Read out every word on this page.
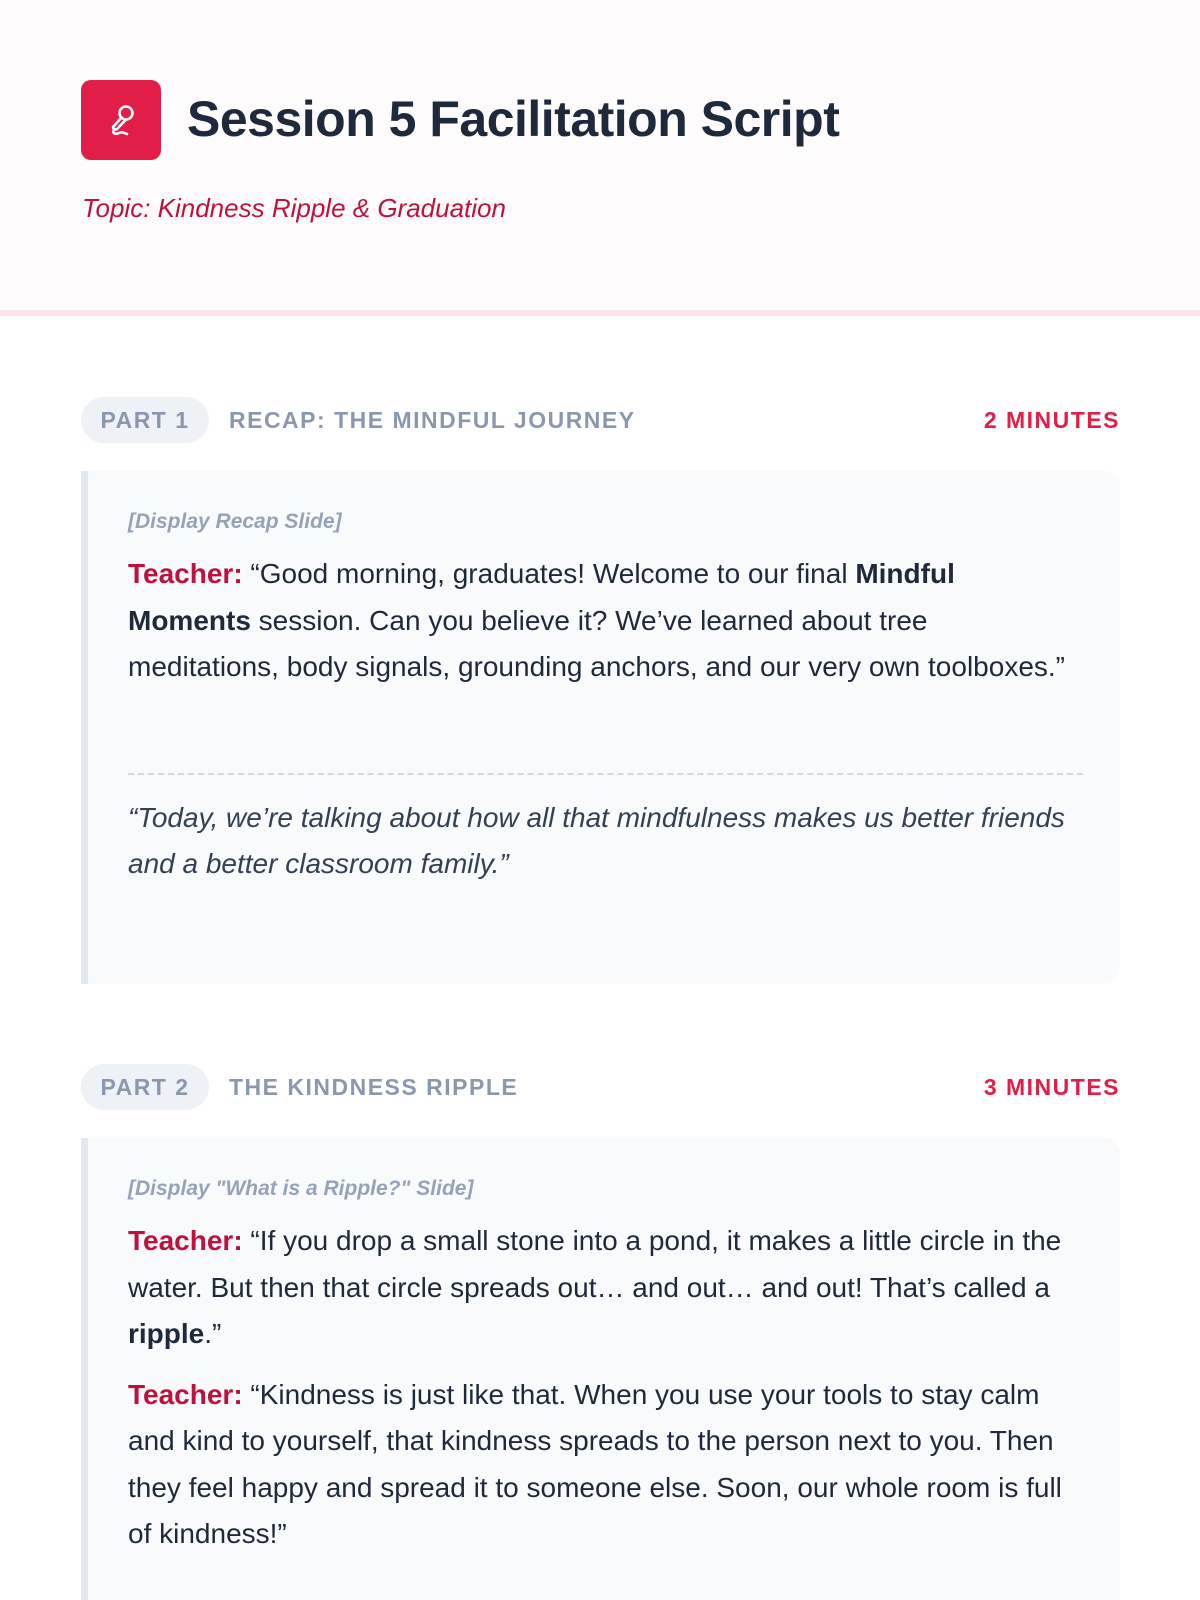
Session 5 Facilitation Script
Topic: Kindness Ripple & Graduation
PART 1	RECAP: THE MINDFUL JOURNEY	2 MINUTES
[Display Recap Slide]
Teacher: “Good morning, graduates! Welcome to our final Mindful Moments session. Can you believe it? We’ve learned about tree meditations, body signals, grounding anchors, and our very own toolboxes.”
“Today, we’re talking about how all that mindfulness makes us better friends and a better classroom family.”
PART 2	THE KINDNESS RIPPLE	3 MINUTES
[Display "What is a Ripple?" Slide]
Teacher: “If you drop a small stone into a pond, it makes a little circle in the water. But then that circle spreads out… and out… and out! That’s called a ripple.”
Teacher: “Kindness is just like that. When you use your tools to stay calm and kind to yourself, that kindness spreads to the person next to you. Then they feel happy and spread it to someone else. Soon, our whole room is full of kindness!”
